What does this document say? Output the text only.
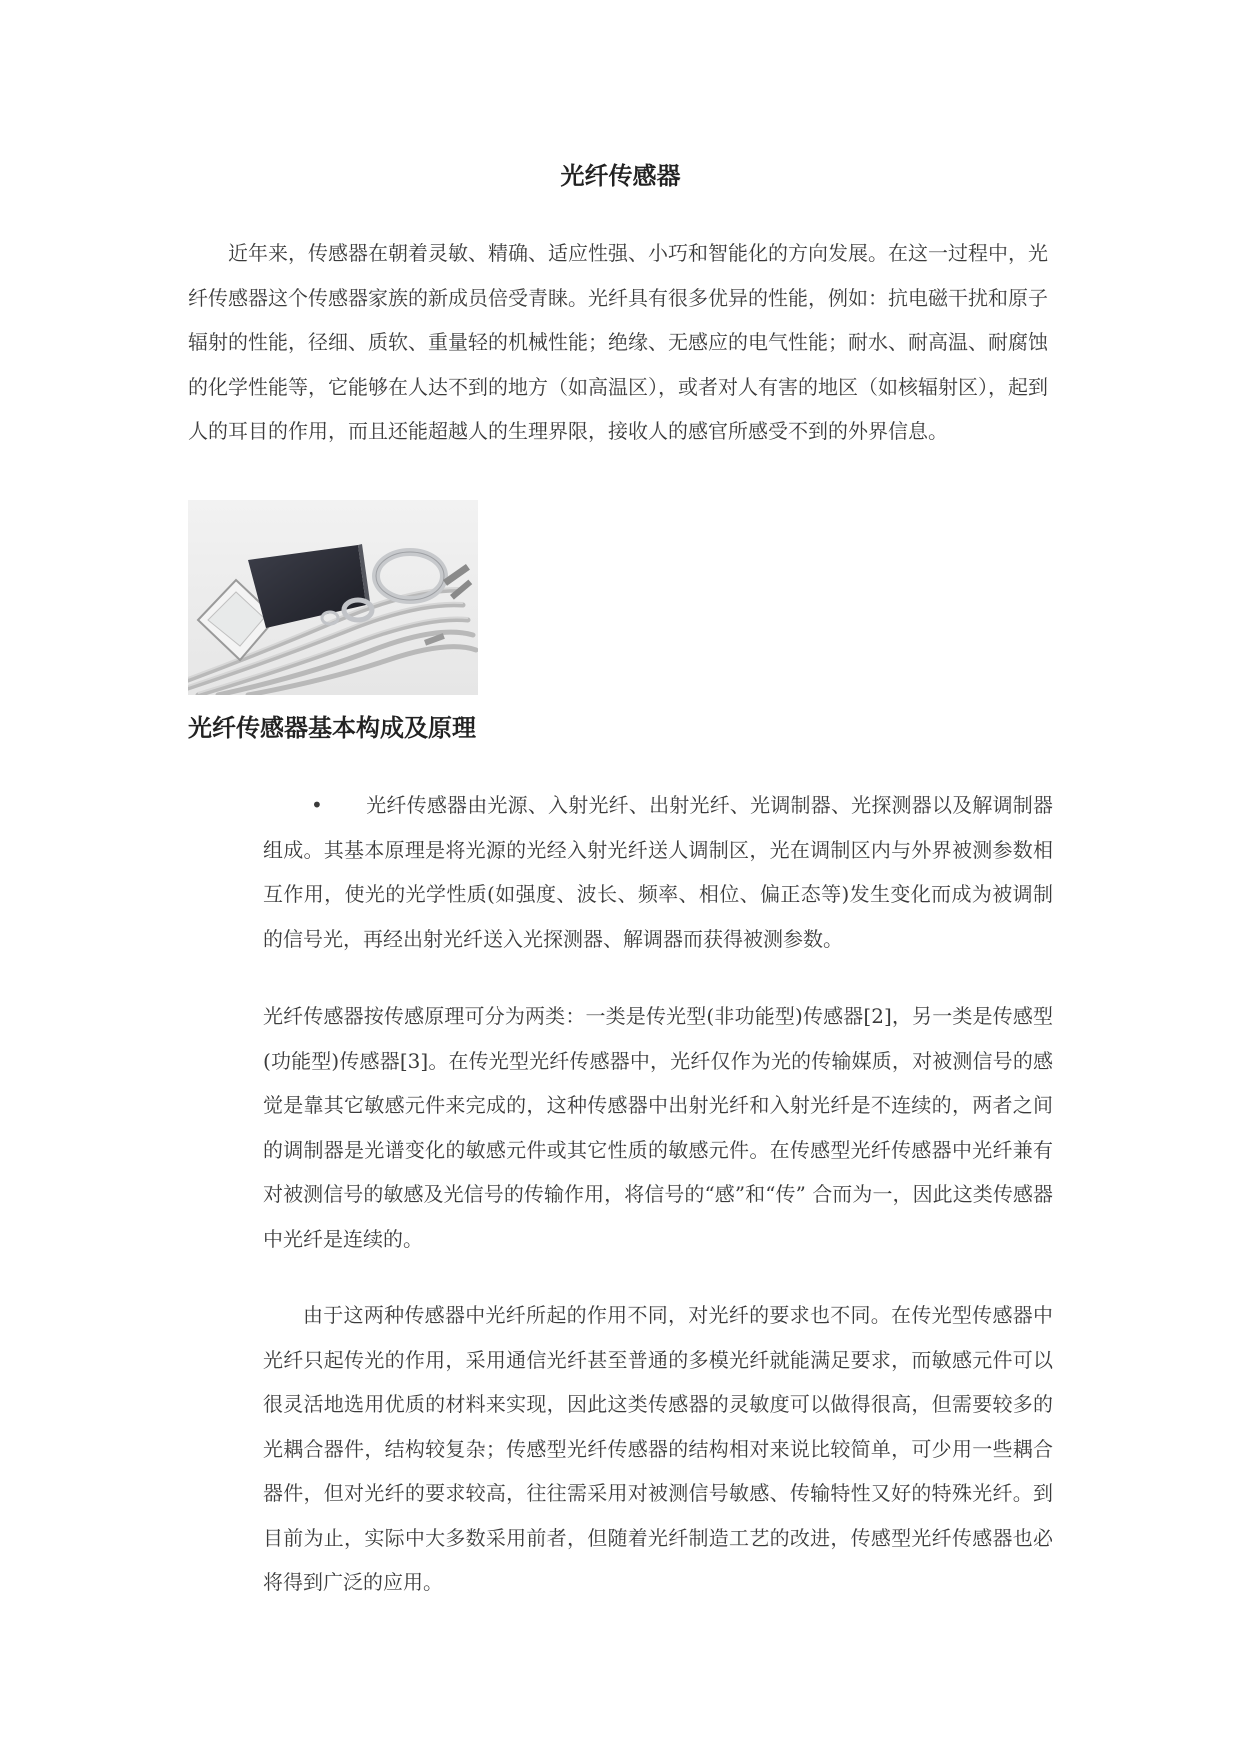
光纤传感器

近年来，传感器在朝着灵敏、精确、适应性强、小巧和智能化的方向发展。在这一过程中，光纤传感器这个传感器家族的新成员倍受青睐。光纤具有很多优异的性能，例如：抗电磁干扰和原子辐射的性能，径细、质软、重量轻的机械性能；绝缘、无感应的电气性能；耐水、耐高温、耐腐蚀的化学性能等，它能够在人达不到的地方（如高温区），或者对人有害的地区（如核辐射区），起到人的耳目的作用，而且还能超越人的生理界限，接收人的感官所感受不到的外界信息。

光纤传感器基本构成及原理

• 光纤传感器由光源、入射光纤、出射光纤、光调制器、光探测器以及解调制器组成。其基本原理是将光源的光经入射光纤送人调制区，光在调制区内与外界被测参数相互作用，使光的光学性质(如强度、波长、频率、相位、偏正态等)发生变化而成为被调制的信号光，再经出射光纤送入光探测器、解调器而获得被测参数。

光纤传感器按传感原理可分为两类：一类是传光型(非功能型)传感器[2]，另一类是传感型(功能型)传感器[3]。在传光型光纤传感器中，光纤仅作为光的传输媒质，对被测信号的感觉是靠其它敏感元件来完成的，这种传感器中出射光纤和入射光纤是不连续的，两者之间的调制器是光谱变化的敏感元件或其它性质的敏感元件。在传感型光纤传感器中光纤兼有对被测信号的敏感及光信号的传输作用，将信号的“感”和“传” 合而为一，因此这类传感器中光纤是连续的。

由于这两种传感器中光纤所起的作用不同，对光纤的要求也不同。在传光型传感器中光纤只起传光的作用，采用通信光纤甚至普通的多模光纤就能满足要求，而敏感元件可以很灵活地选用优质的材料来实现，因此这类传感器的灵敏度可以做得很高，但需要较多的光耦合器件，结构较复杂；传感型光纤传感器的结构相对来说比较简单，可少用一些耦合器件，但对光纤的要求较高，往往需采用对被测信号敏感、传输特性又好的特殊光纤。到目前为止，实际中大多数采用前者，但随着光纤制造工艺的改进，传感型光纤传感器也必将得到广泛的应用。
